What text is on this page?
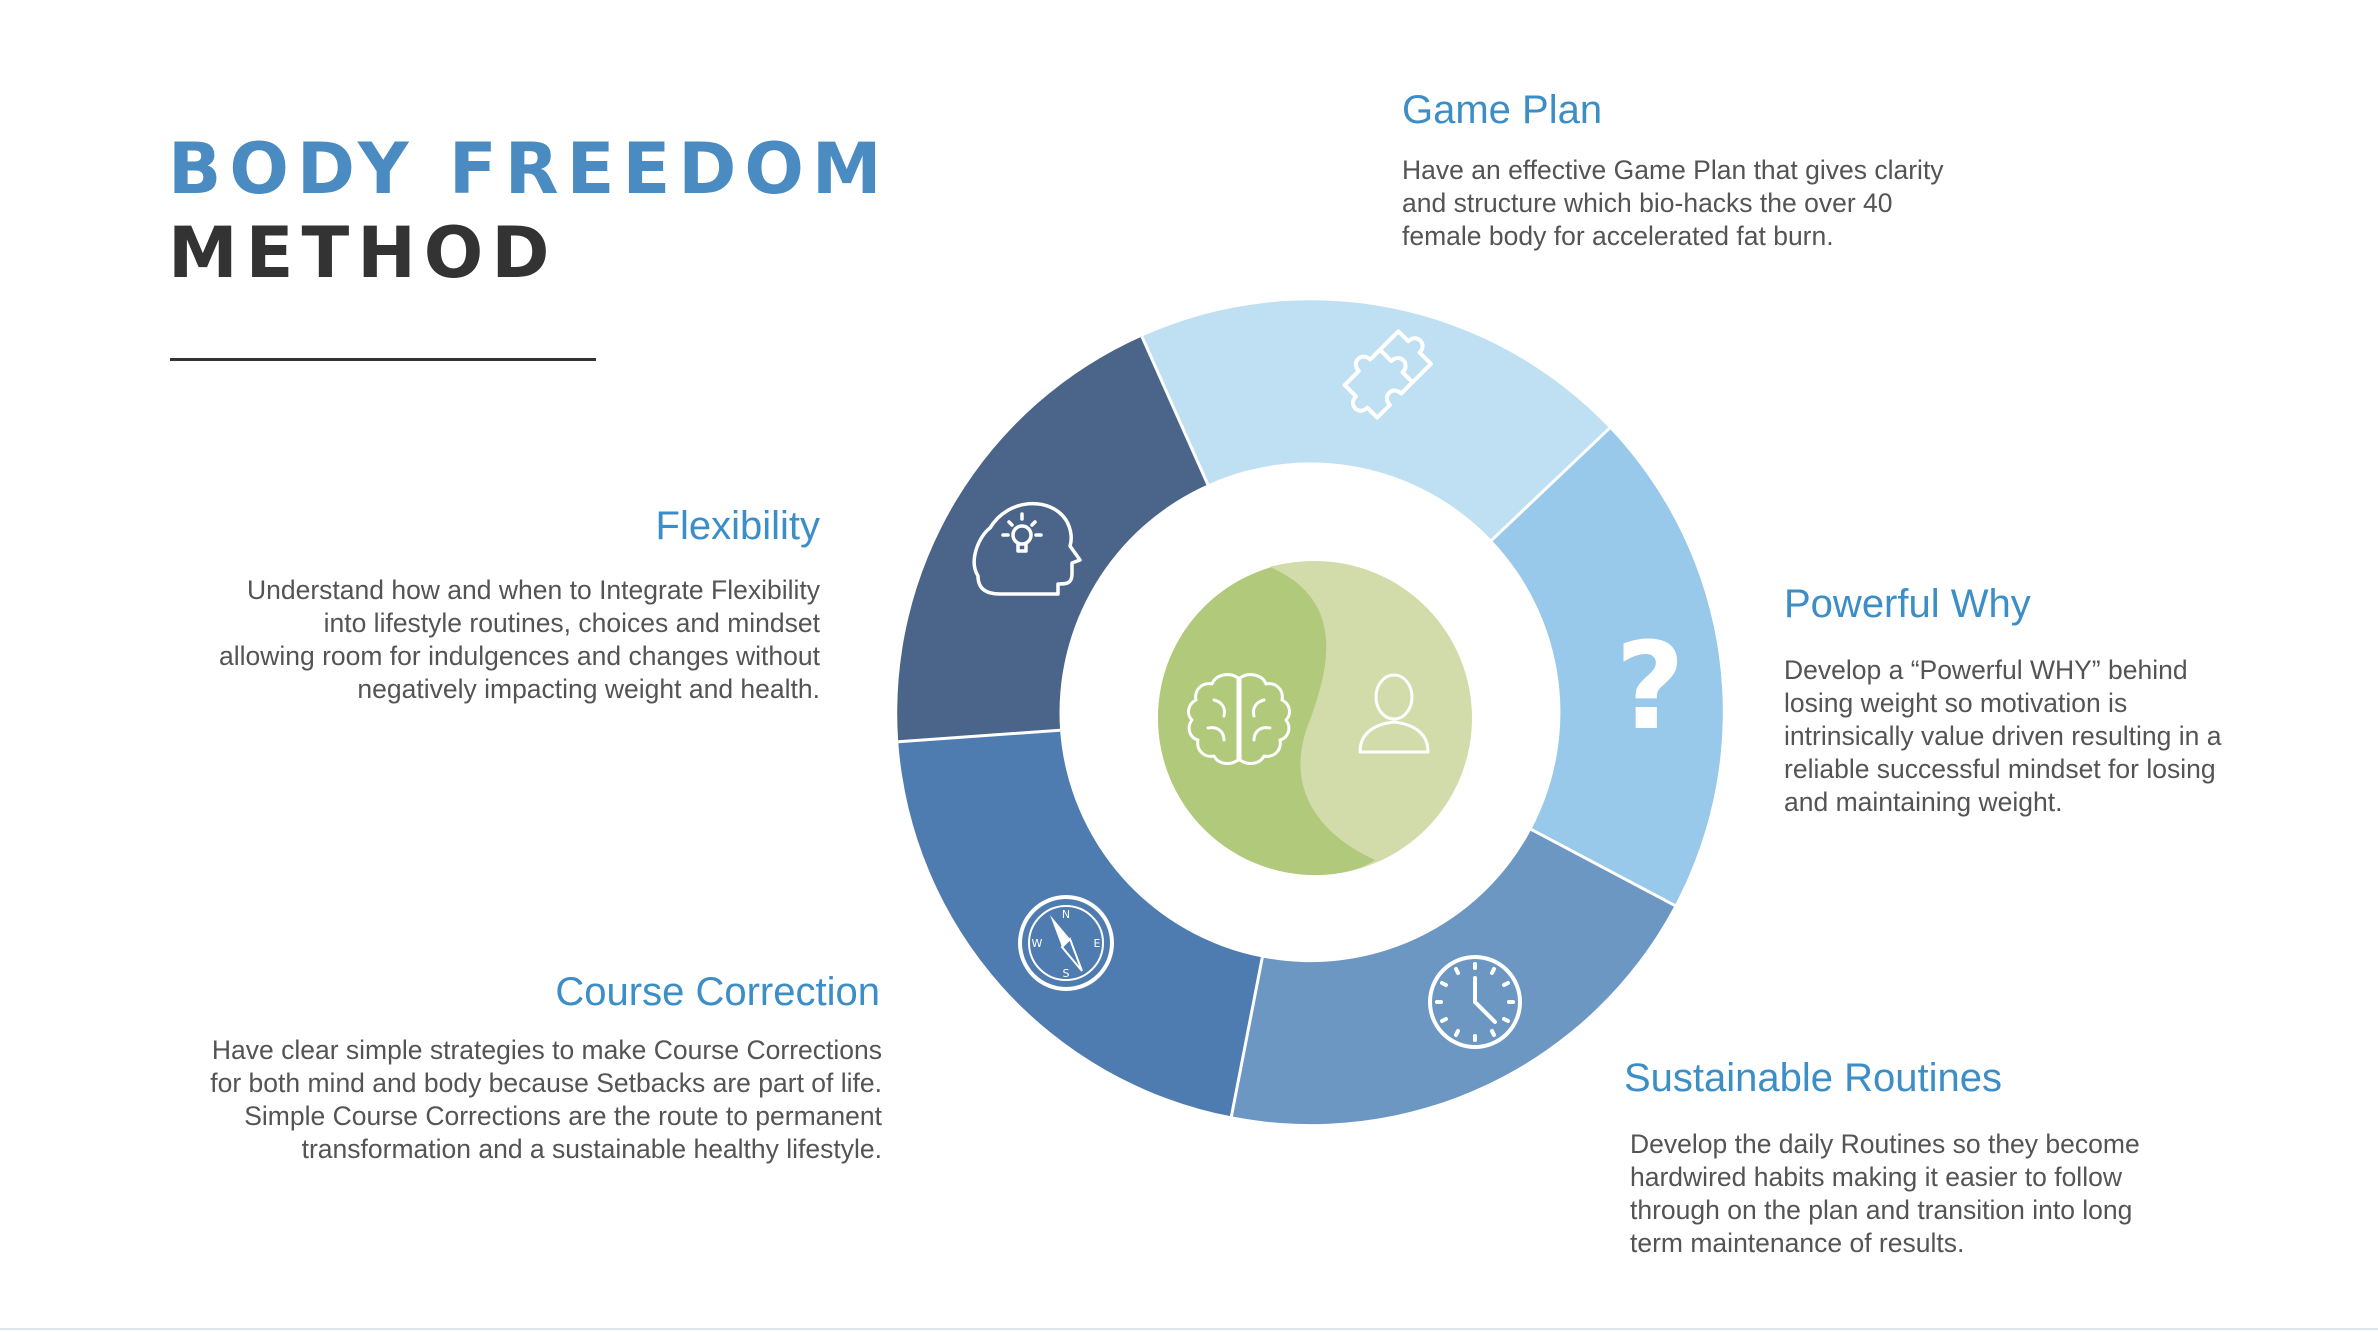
?
N
S
E
W
BODY FREEDOM
METHOD
Game Plan
Have an effective Game Plan that gives clarity
and structure which bio-hacks the over 40
female body for accelerated fat burn.
Powerful Why
Develop a “Powerful WHY” behind
losing weight so motivation is
intrinsically value driven resulting in a
reliable successful mindset for losing
and maintaining weight.
Sustainable Routines
Develop the daily Routines so they become
hardwired habits making it easier to follow
through on the plan and transition into long
term maintenance of results.
Course Correction
Have clear simple strategies to make Course Corrections
for both mind and body because Setbacks are part of life.
Simple Course Corrections are the route to permanent
transformation and a sustainable healthy lifestyle.
Flexibility
Understand how and when to Integrate Flexibility
into lifestyle routines, choices and mindset
allowing room for indulgences and changes without
negatively impacting weight and health.
